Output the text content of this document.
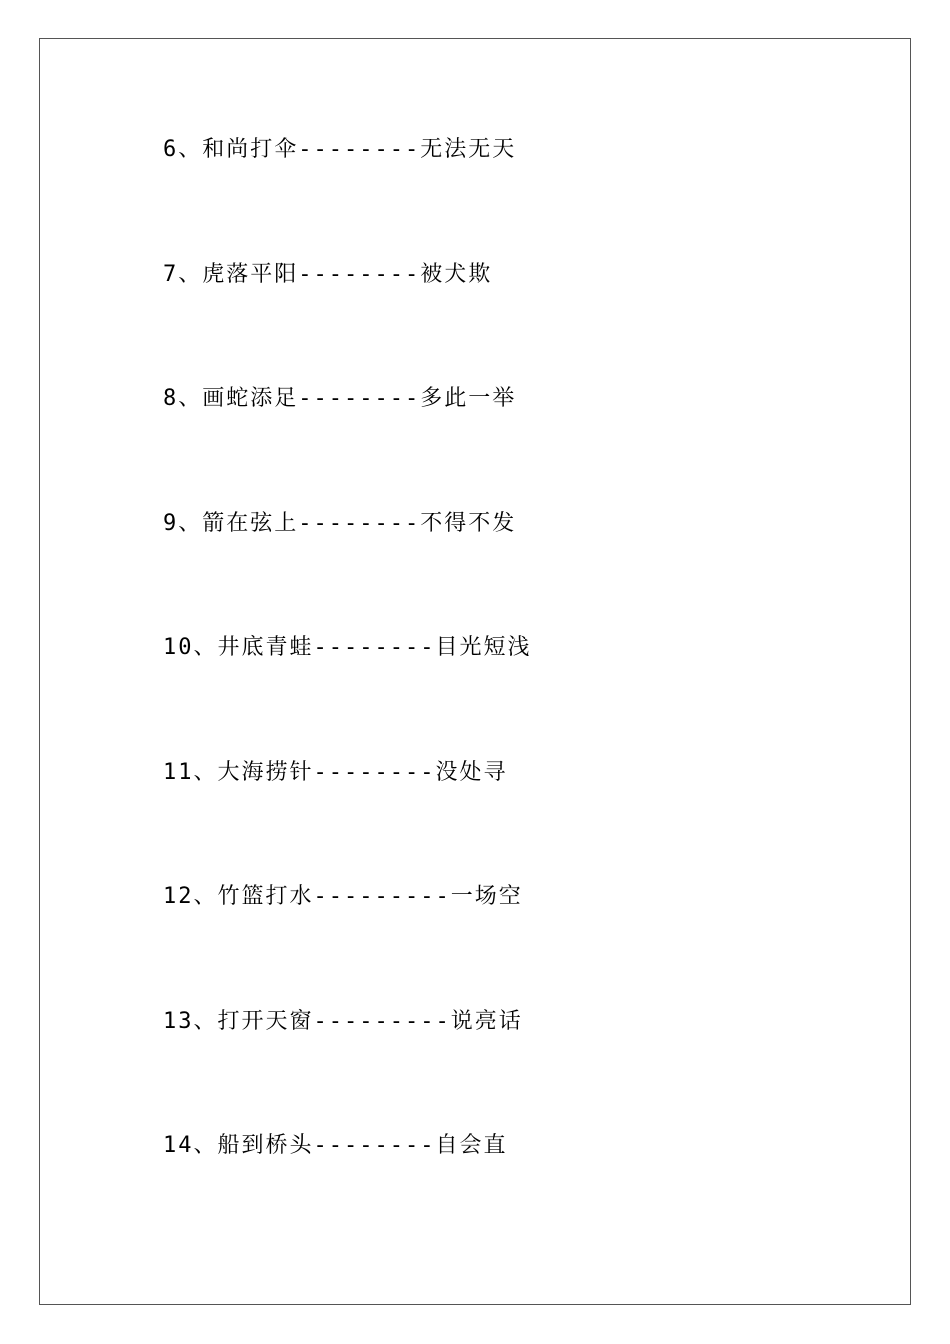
6、和尚打伞--------无法无天
7、虎落平阳--------被犬欺
8、画蛇添足--------多此一举
9、箭在弦上--------不得不发
10、井底青蛙--------目光短浅
11、大海捞针--------没处寻
12、竹篮打水---------一场空
13、打开天窗---------说亮话
14、船到桥头--------自会直
